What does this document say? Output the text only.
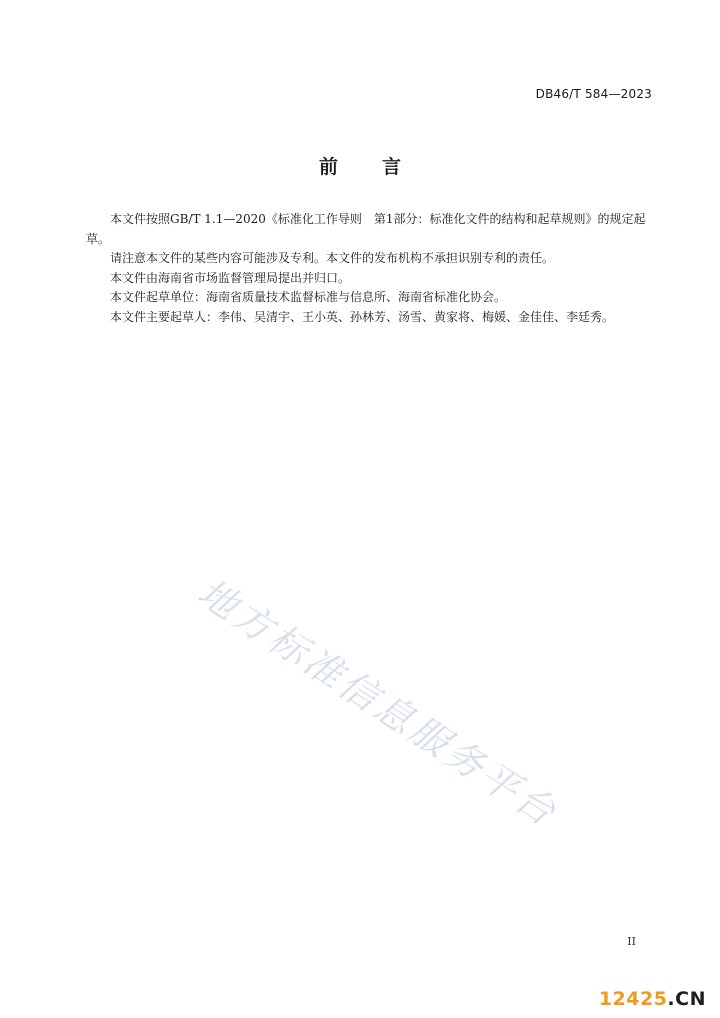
DB46/T 584—2023
前言

本文件按照GB/T 1.1—2020《标准化工作导则　第1部分：标准化文件的结构和起草规则》的规定起草。

请注意本文件的某些内容可能涉及专利。本文件的发布机构不承担识别专利的责任。

本文件由海南省市场监督管理局提出并归口。

本文件起草单位：海南省质量技术监督标准与信息所、海南省标准化协会。

本文件主要起草人：李伟、吴清宇、王小英、孙林芳、汤雪、黄家将、梅媛、金佳佳、李廷秀。

地方标准信息服务平台
II
12425.CN
